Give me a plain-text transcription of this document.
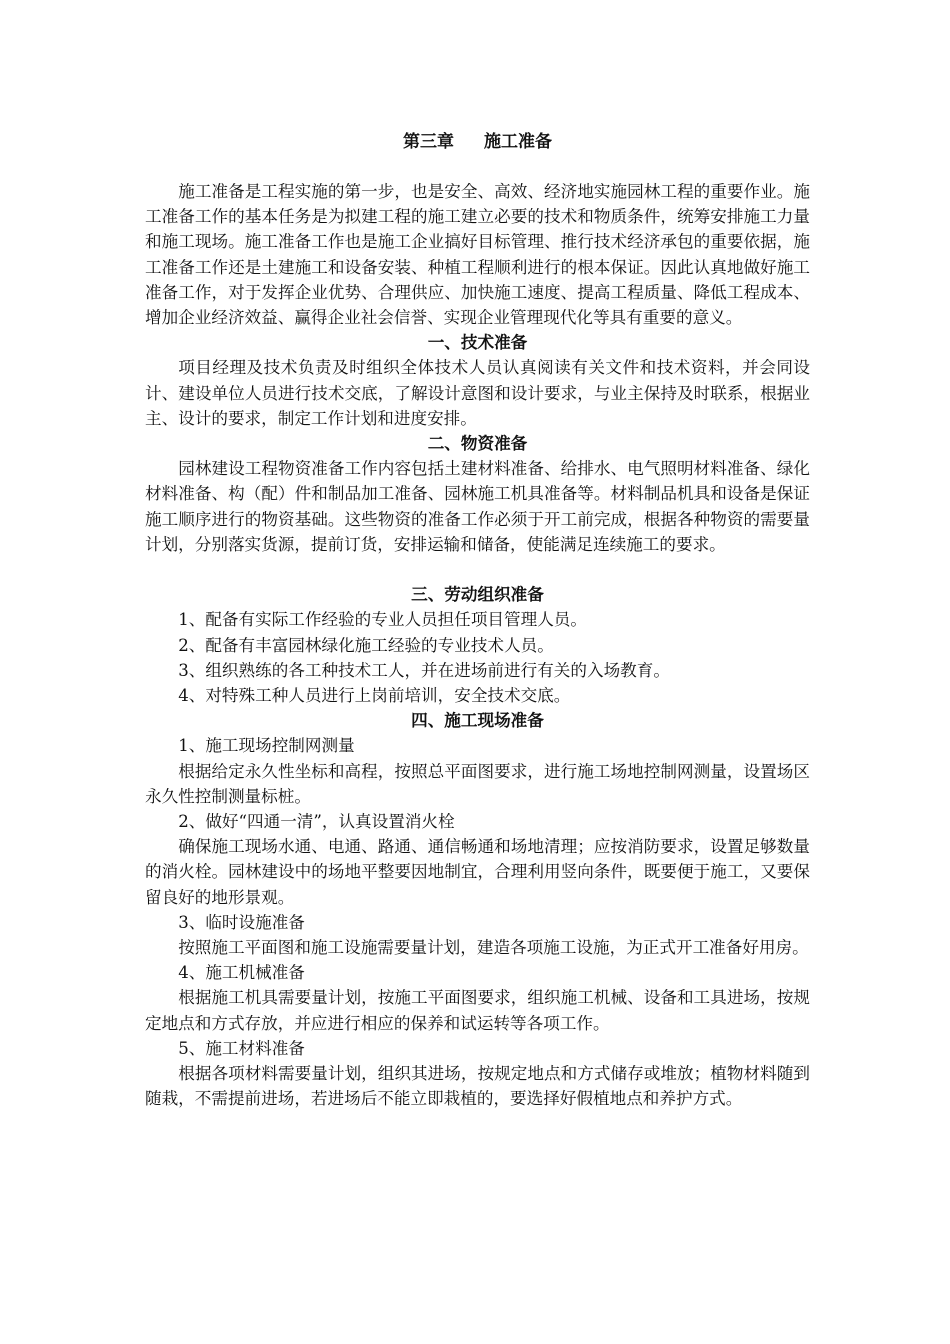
第三章 施工准备

施工准备是工程实施的第一步，也是安全、高效、经济地实施园林工程的重要作业。施工准备工作的基本任务是为拟建工程的施工建立必要的技术和物质条件，统筹安排施工力量和施工现场。施工准备工作也是施工企业搞好目标管理、推行技术经济承包的重要依据，施工准备工作还是土建施工和设备安装、种植工程顺利进行的根本保证。因此认真地做好施工准备工作，对于发挥企业优势、合理供应、加快施工速度、提高工程质量、降低工程成本、增加企业经济效益、赢得企业社会信誉、实现企业管理现代化等具有重要的意义。

一、技术准备

项目经理及技术负责及时组织全体技术人员认真阅读有关文件和技术资料，并会同设计、建设单位人员进行技术交底，了解设计意图和设计要求，与业主保持及时联系，根据业主、设计的要求，制定工作计划和进度安排。

二、物资准备

园林建设工程物资准备工作内容包括土建材料准备、给排水、电气照明材料准备、绿化材料准备、构（配）件和制品加工准备、园林施工机具准备等。材料制品机具和设备是保证施工顺序进行的物资基础。这些物资的准备工作必须于开工前完成，根据各种物资的需要量计划，分别落实货源，提前订货，安排运输和储备，使能满足连续施工的要求。

三、劳动组织准备

1、配备有实际工作经验的专业人员担任项目管理人员。

2、配备有丰富园林绿化施工经验的专业技术人员。

3、组织熟练的各工种技术工人，并在进场前进行有关的入场教育。

4、对特殊工种人员进行上岗前培训，安全技术交底。

四、施工现场准备

1、施工现场控制网测量

根据给定永久性坐标和高程，按照总平面图要求，进行施工场地控制网测量，设置场区永久性控制测量标桩。

2、做好“四通一清”，认真设置消火栓

确保施工现场水通、电通、路通、通信畅通和场地清理；应按消防要求，设置足够数量的消火栓。园林建设中的场地平整要因地制宜，合理利用竖向条件，既要便于施工，又要保留良好的地形景观。

3、临时设施准备

按照施工平面图和施工设施需要量计划，建造各项施工设施，为正式开工准备好用房。

4、施工机械准备

根据施工机具需要量计划，按施工平面图要求，组织施工机械、设备和工具进场，按规定地点和方式存放，并应进行相应的保养和试运转等各项工作。

5、施工材料准备

根据各项材料需要量计划，组织其进场，按规定地点和方式储存或堆放；植物材料随到随栽，不需提前进场，若进场后不能立即栽植的，要选择好假植地点和养护方式。
